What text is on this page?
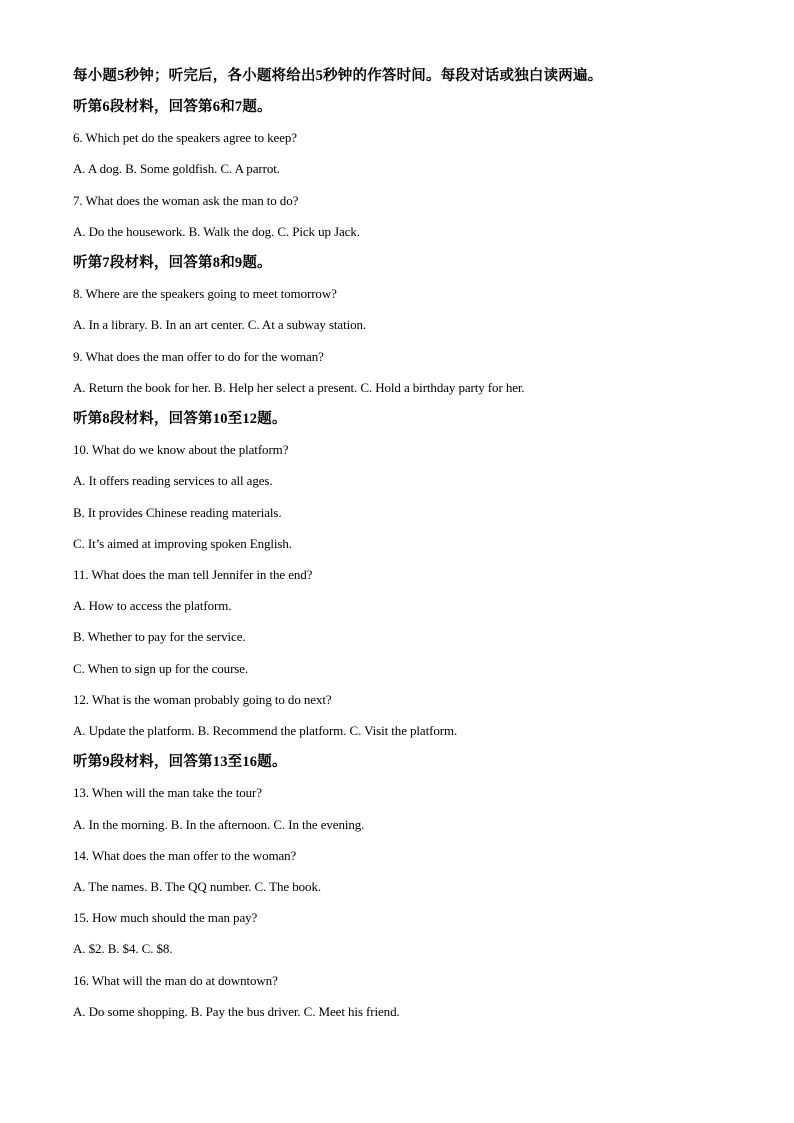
每小题5秒钟；听完后，各小题将给出5秒钟的作答时间。每段对话或独白读两遍。
听第6段材料，回答第6和7题。
6. Which pet do the speakers agree to keep?
A. A dog. B. Some goldfish. C. A parrot.
7. What does the woman ask the man to do?
A. Do the housework. B. Walk the dog. C. Pick up Jack.
听第7段材料，回答第8和9题。
8. Where are the speakers going to meet tomorrow?
A. In a library. B. In an art center. C. At a subway station.
9. What does the man offer to do for the woman?
A. Return the book for her. B. Help her select a present. C. Hold a birthday party for her.
听第8段材料，回答第10至12题。
10. What do we know about the platform?
A. It offers reading services to all ages.
B. It provides Chinese reading materials.
C. It’s aimed at improving spoken English.
11. What does the man tell Jennifer in the end?
A. How to access the platform.
B. Whether to pay for the service.
C. When to sign up for the course.
12. What is the woman probably going to do next?
A. Update the platform. B. Recommend the platform. C. Visit the platform.
听第9段材料，回答第13至16题。
13. When will the man take the tour?
A. In the morning. B. In the afternoon. C. In the evening.
14. What does the man offer to the woman?
A. The names. B. The QQ number. C. The book.
15. How much should the man pay?
A. $2. B. $4. C. $8.
16. What will the man do at downtown?
A. Do some shopping. B. Pay the bus driver. C. Meet his friend.
